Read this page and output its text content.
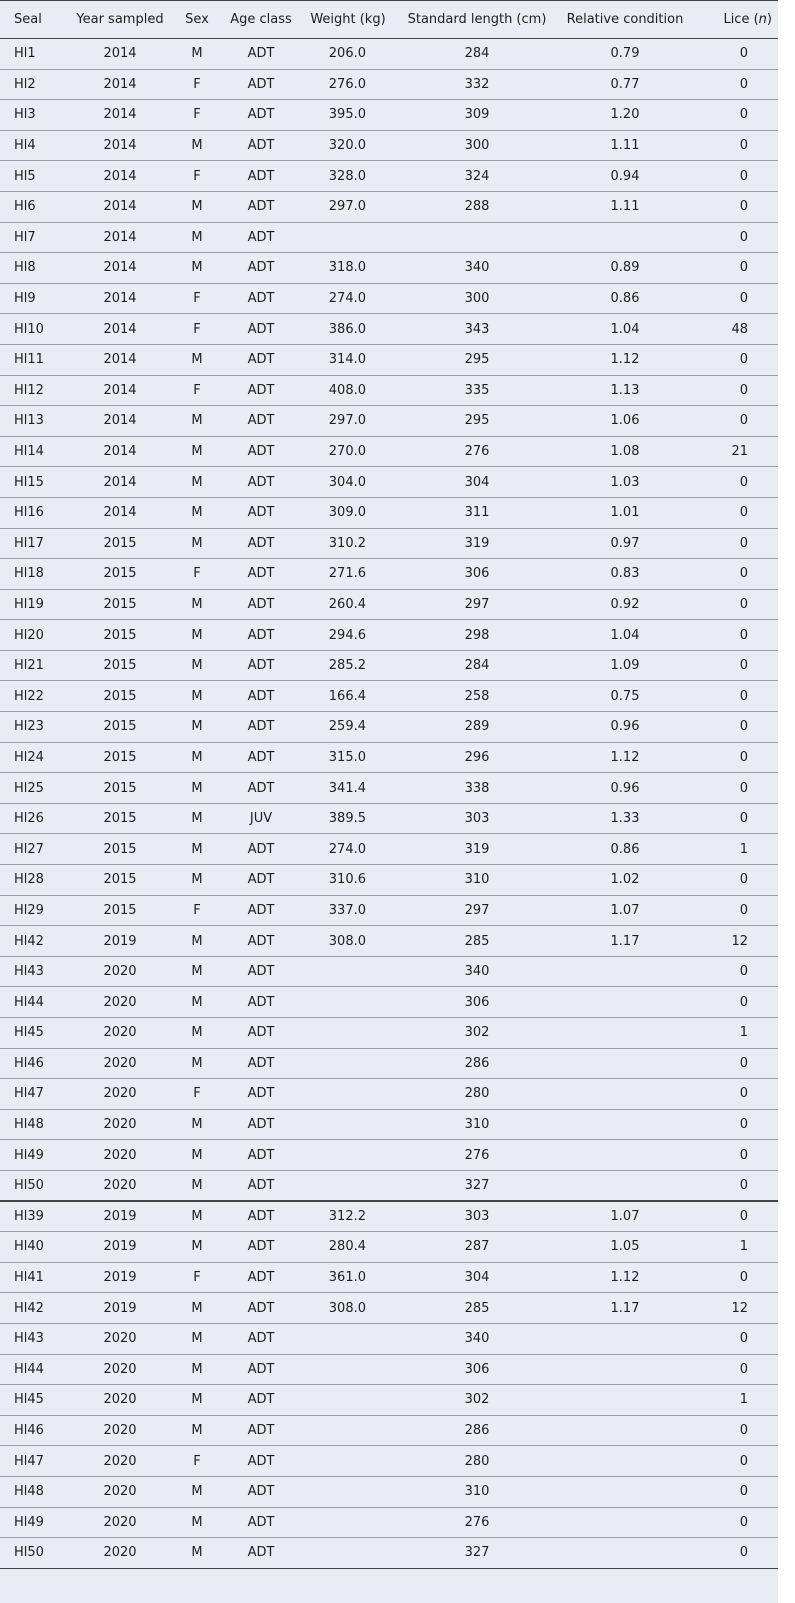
Seal	Year sampled	Sex	Age class	Weight (kg)	Standard length (cm)	Relative condition	Lice (n)
Hl1	2014	M	ADT	206.0	284	0.79	0
Hl2	2014	F	ADT	276.0	332	0.77	0
Hl3	2014	F	ADT	395.0	309	1.20	0
Hl4	2014	M	ADT	320.0	300	1.11	0
Hl5	2014	F	ADT	328.0	324	0.94	0
Hl6	2014	M	ADT	297.0	288	1.11	0
Hl7	2014	M	ADT				0
Hl8	2014	M	ADT	318.0	340	0.89	0
Hl9	2014	F	ADT	274.0	300	0.86	0
Hl10	2014	F	ADT	386.0	343	1.04	48
Hl11	2014	M	ADT	314.0	295	1.12	0
Hl12	2014	F	ADT	408.0	335	1.13	0
Hl13	2014	M	ADT	297.0	295	1.06	0
Hl14	2014	M	ADT	270.0	276	1.08	21
Hl15	2014	M	ADT	304.0	304	1.03	0
Hl16	2014	M	ADT	309.0	311	1.01	0
Hl17	2015	M	ADT	310.2	319	0.97	0
Hl18	2015	F	ADT	271.6	306	0.83	0
Hl19	2015	M	ADT	260.4	297	0.92	0
Hl20	2015	M	ADT	294.6	298	1.04	0
Hl21	2015	M	ADT	285.2	284	1.09	0
Hl22	2015	M	ADT	166.4	258	0.75	0
Hl23	2015	M	ADT	259.4	289	0.96	0
Hl24	2015	M	ADT	315.0	296	1.12	0
Hl25	2015	M	ADT	341.4	338	0.96	0
Hl26	2015	M	JUV	389.5	303	1.33	0
Hl27	2015	M	ADT	274.0	319	0.86	1
Hl28	2015	M	ADT	310.6	310	1.02	0
Hl29	2015	F	ADT	337.0	297	1.07	0
Hl42	2019	M	ADT	308.0	285	1.17	12
Hl43	2020	M	ADT		340		0
Hl44	2020	M	ADT		306		0
Hl45	2020	M	ADT		302		1
Hl46	2020	M	ADT		286		0
Hl47	2020	F	ADT		280		0
Hl48	2020	M	ADT		310		0
Hl49	2020	M	ADT		276		0
Hl50	2020	M	ADT		327		0
Hl39	2019	M	ADT	312.2	303	1.07	0
Hl40	2019	M	ADT	280.4	287	1.05	1
Hl41	2019	F	ADT	361.0	304	1.12	0
Hl42	2019	M	ADT	308.0	285	1.17	12
Hl43	2020	M	ADT		340		0
Hl44	2020	M	ADT		306		0
Hl45	2020	M	ADT		302		1
Hl46	2020	M	ADT		286		0
Hl47	2020	F	ADT		280		0
Hl48	2020	M	ADT		310		0
Hl49	2020	M	ADT		276		0
Hl50	2020	M	ADT		327		0
